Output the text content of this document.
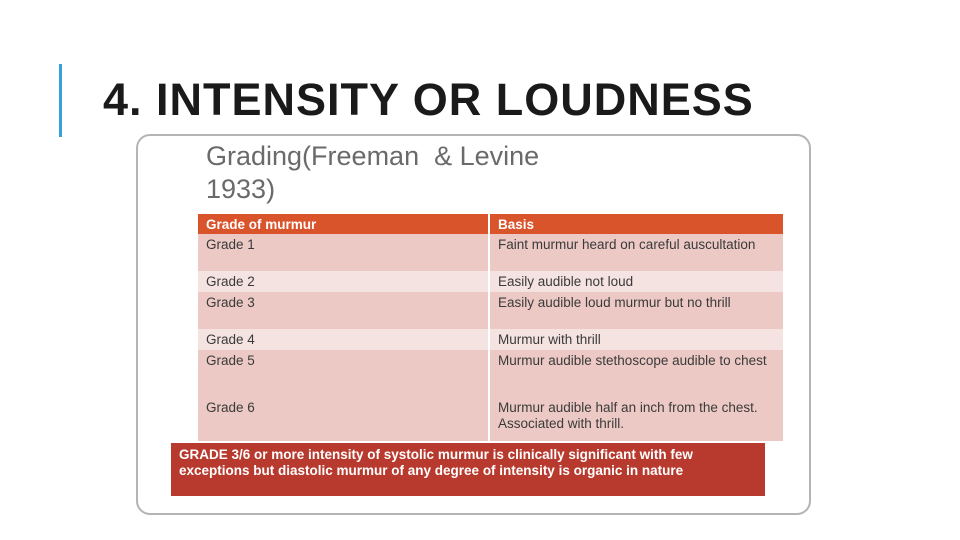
4. INTENSITY OR LOUDNESS
Grading(Freeman  & Levine
1933)
Grade of murmur	Basis
Grade 1	Faint murmur heard on careful auscultation
Grade 2	Easily audible not loud
Grade 3	Easily audible loud murmur but no thrill
Grade 4	Murmur with thrill
Grade 5	Murmur audible stethoscope audible to chest
Grade 6	Murmur audible half an inch from the chest.
Associated with thrill.
GRADE 3/6 or more intensity of systolic murmur is clinically significant with few exceptions but diastolic murmur of any degree of intensity is organic in nature
